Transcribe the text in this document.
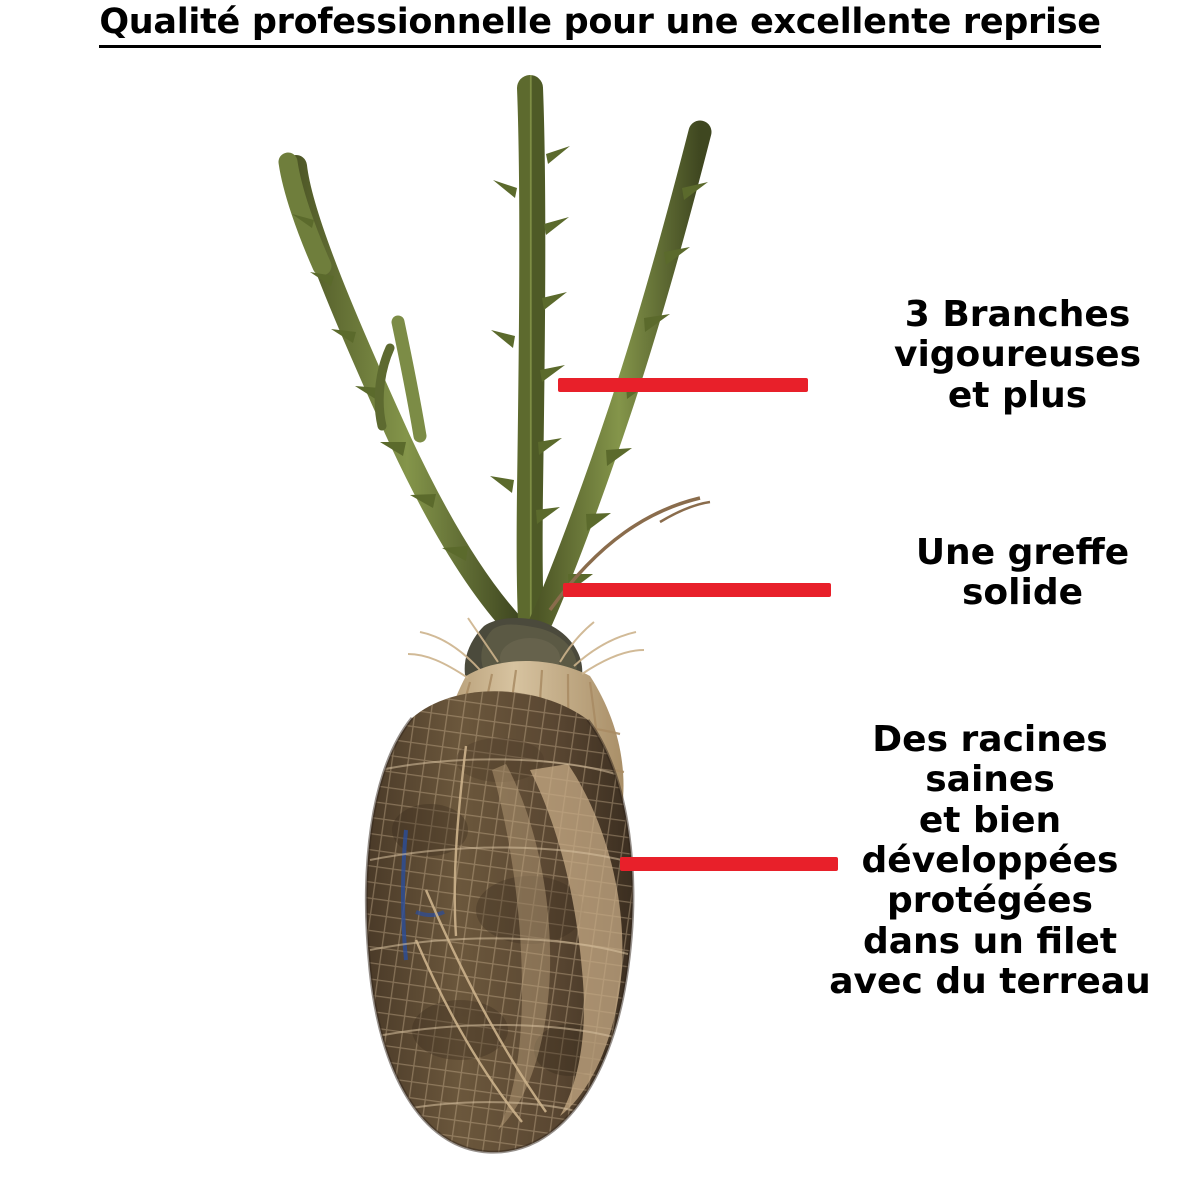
Qualité professionnelle pour une excellente reprise
3 Branches
vigoureuses
et plus
Une greffe
solide
Des racines
saines
et bien
développées
protégées
dans un filet
avec du terreau
